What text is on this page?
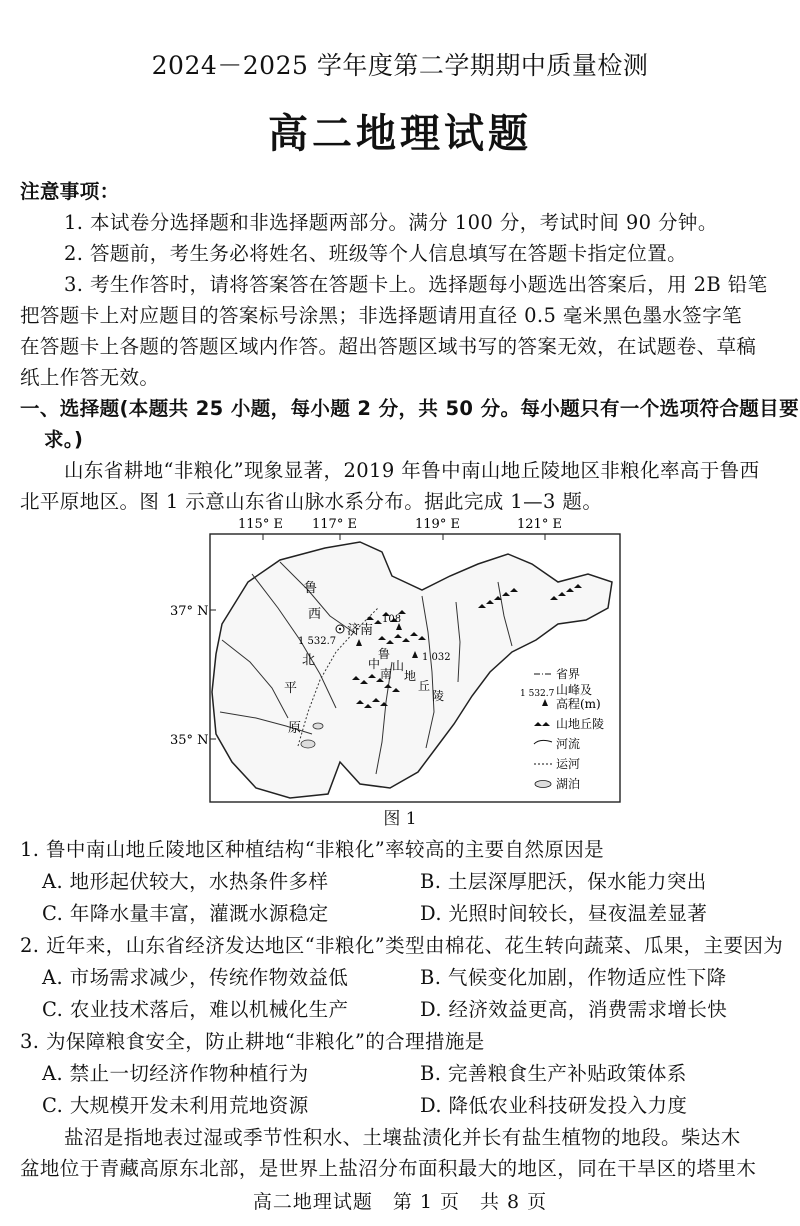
2024－2025 学年度第二学期期中质量检测
高二地理试题
注意事项：
1. 本试卷分选择题和非选择题两部分。满分 100 分，考试时间 90 分钟。
2. 答题前，考生务必将姓名、班级等个人信息填写在答题卡指定位置。
3. 考生作答时，请将答案答在答题卡上。选择题每小题选出答案后，用 2B 铅笔
把答题卡上对应题目的答案标号涂黑；非选择题请用直径 0.5 毫米黑色墨水签字笔
在答题卡上各题的答题区域内作答。超出答题区域书写的答案无效，在试题卷、草稿
纸上作答无效。
一、选择题(本题共 25 小题，每小题 2 分，共 50 分。每小题只有一个选项符合题目要
求。)
山东省耕地“非粮化”现象显著，2019 年鲁中南山地丘陵地区非粮化率高于鲁西
北平原地区。图 1 示意山东省山脉水系分布。据此完成 1—3 题。
115° E 117° E	119° E	121° E
37° N
35° N
1 532.7
108
1 032
济南
鲁
西
北
平
原
鲁
中
南
山
地
丘
陵
省界
1 532.7 山峰及
高程(m)
山地丘陵
河流
运河
湖泊
图 1
1. 鲁中南山地丘陵地区种植结构“非粮化”率较高的主要自然原因是
A. 地形起伏较大，水热条件多样	B. 土层深厚肥沃，保水能力突出
C. 年降水量丰富，灌溉水源稳定	D. 光照时间较长，昼夜温差显著
2. 近年来，山东省经济发达地区“非粮化”类型由棉花、花生转向蔬菜、瓜果，主要因为
A. 市场需求减少，传统作物效益低	B. 气候变化加剧，作物适应性下降
C. 农业技术落后，难以机械化生产	D. 经济效益更高，消费需求增长快
3. 为保障粮食安全，防止耕地“非粮化”的合理措施是
A. 禁止一切经济作物种植行为	B. 完善粮食生产补贴政策体系
C. 大规模开发未利用荒地资源	D. 降低农业科技研发投入力度
盐沼是指地表过湿或季节性积水、土壤盐渍化并长有盐生植物的地段。柴达木
盆地位于青藏高原东北部，是世界上盐沼分布面积最大的地区，同在干旱区的塔里木
高二地理试题　第 1 页　共 8 页
